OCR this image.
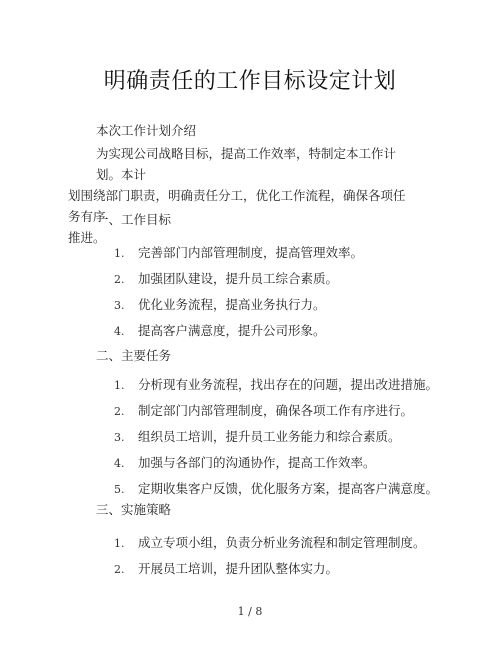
明确责任的工作目标设定计划
本次工作计划介绍
为实现公司战略目标，提高工作效率，特制定本工作计划。本计
划围绕部门职责，明确责任分工，优化工作流程，确保各项任务有序
推进。
一、工作目标
1. 完善部门内部管理制度，提高管理效率。
2. 加强团队建设，提升员工综合素质。
3. 优化业务流程，提高业务执行力。
4. 提高客户满意度，提升公司形象。
二、主要任务
1. 分析现有业务流程，找出存在的问题，提出改进措施。
2. 制定部门内部管理制度，确保各项工作有序进行。
3. 组织员工培训，提升员工业务能力和综合素质。
4. 加强与各部门的沟通协作，提高工作效率。
5. 定期收集客户反馈，优化服务方案，提高客户满意度。
三、实施策略
1. 成立专项小组，负责分析业务流程和制定管理制度。
2. 开展员工培训，提升团队整体实力。
1 / 8
